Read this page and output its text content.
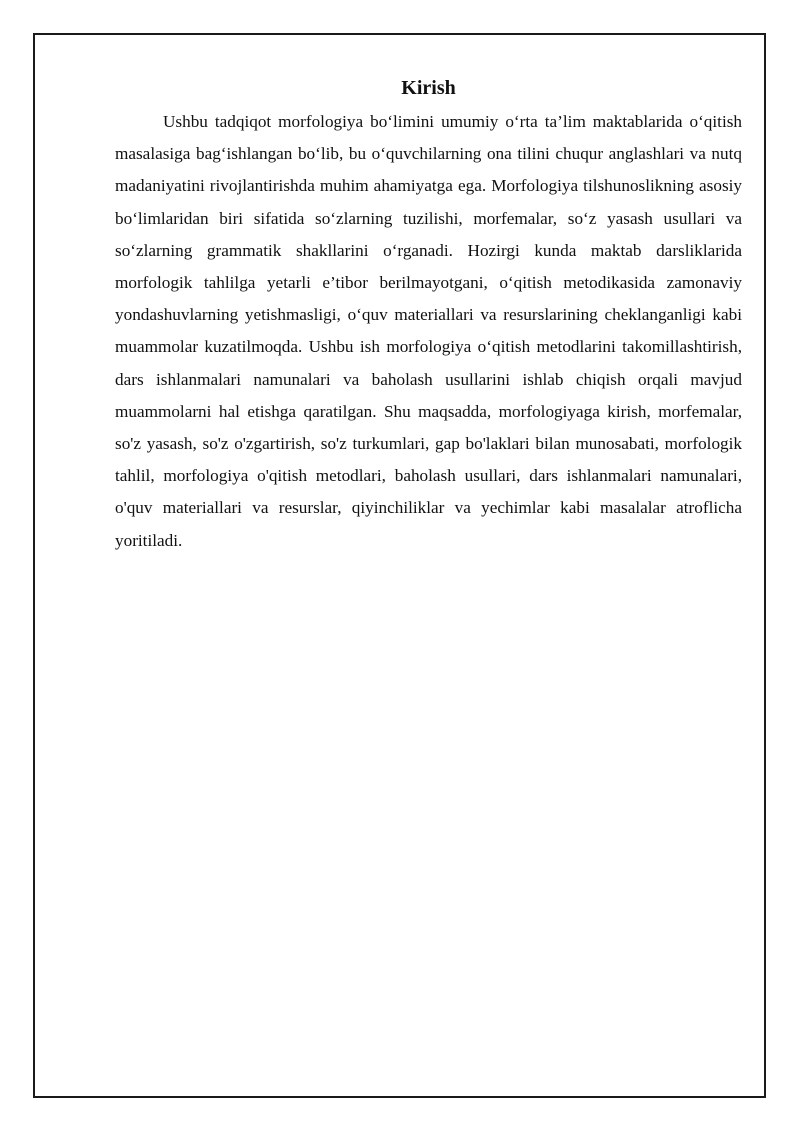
Kirish

Ushbu tadqiqot morfologiya bo‘limini umumiy o‘rta ta’lim maktablarida o‘qitish masalasiga bag‘ishlangan bo‘lib, bu o‘quvchilarning ona tilini chuqur anglashlari va nutq madaniyatini rivojlantirishda muhim ahamiyatga ega. Morfologiya tilshunoslikning asosiy bo‘limlaridan biri sifatida so‘zlarning tuzilishi, morfemalar, so‘z yasash usullari va so‘zlarning grammatik shakllarini o‘rganadi. Hozirgi kunda maktab darsliklarida morfologik tahlilga yetarli e’tibor berilmayotgani, o‘qitish metodikasida zamonaviy yondashuvlarning yetishmasligi, o‘quv materiallari va resurslarining cheklanganligi kabi muammolar kuzatilmoqda. Ushbu ish morfologiya o‘qitish metodlarini takomillashtirish, dars ishlanmalari namunalari va baholash usullarini ishlab chiqish orqali mavjud muammolarni hal etishga qaratilgan. Shu maqsadda, morfologiyaga kirish, morfemalar, so'z yasash, so'z o'zgartirish, so'z turkumlari, gap bo'laklari bilan munosabati, morfologik tahlil, morfologiya o'qitish metodlari, baholash usullari, dars ishlanmalari namunalari, o'quv materiallari va resurslar, qiyinchiliklar va yechimlar kabi masalalar atroflicha yoritiladi.
